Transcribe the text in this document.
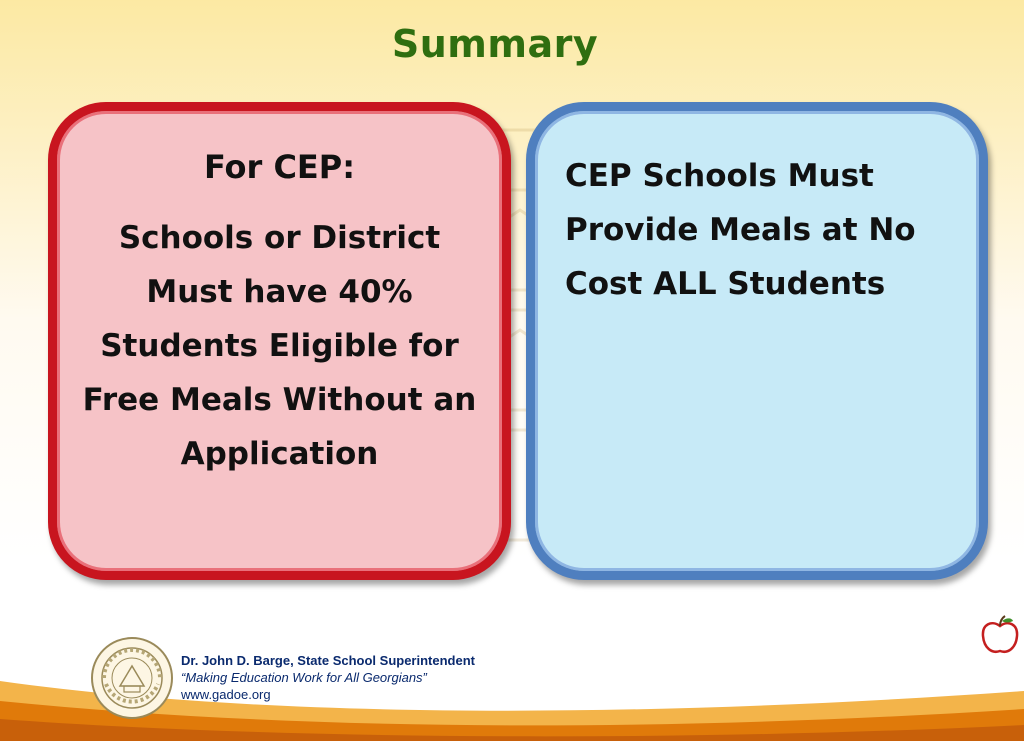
Summary
For CEP:
Schools or District Must have 40% Students Eligible for Free Meals Without an Application
CEP Schools Must Provide Meals at No Cost ALL Students
Dr. John D. Barge, State School Superintendent
“Making Education Work for All Georgians”
www.gadoe.org
